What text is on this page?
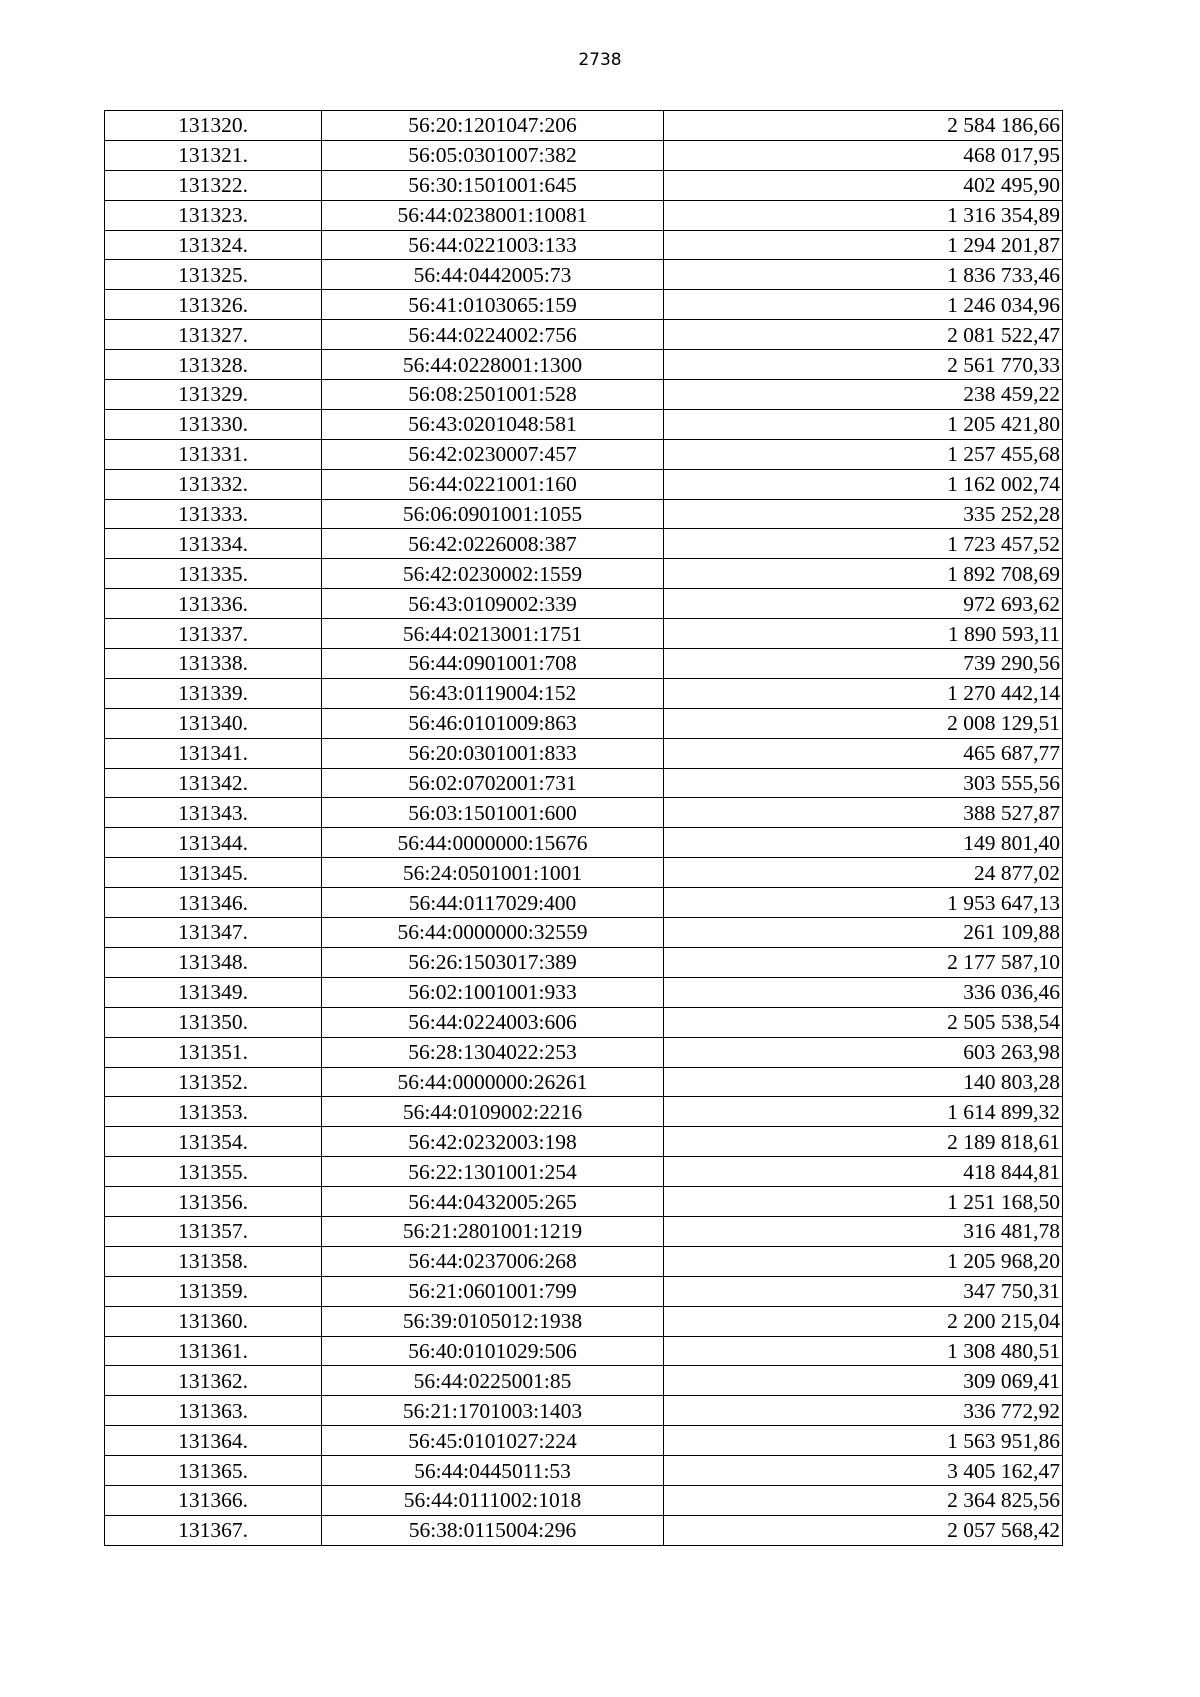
2738
131320.	56:20:1201047:206	2 584 186,66
131321.	56:05:0301007:382	468 017,95
131322.	56:30:1501001:645	402 495,90
131323.	56:44:0238001:10081	1 316 354,89
131324.	56:44:0221003:133	1 294 201,87
131325.	56:44:0442005:73	1 836 733,46
131326.	56:41:0103065:159	1 246 034,96
131327.	56:44:0224002:756	2 081 522,47
131328.	56:44:0228001:1300	2 561 770,33
131329.	56:08:2501001:528	238 459,22
131330.	56:43:0201048:581	1 205 421,80
131331.	56:42:0230007:457	1 257 455,68
131332.	56:44:0221001:160	1 162 002,74
131333.	56:06:0901001:1055	335 252,28
131334.	56:42:0226008:387	1 723 457,52
131335.	56:42:0230002:1559	1 892 708,69
131336.	56:43:0109002:339	972 693,62
131337.	56:44:0213001:1751	1 890 593,11
131338.	56:44:0901001:708	739 290,56
131339.	56:43:0119004:152	1 270 442,14
131340.	56:46:0101009:863	2 008 129,51
131341.	56:20:0301001:833	465 687,77
131342.	56:02:0702001:731	303 555,56
131343.	56:03:1501001:600	388 527,87
131344.	56:44:0000000:15676	149 801,40
131345.	56:24:0501001:1001	24 877,02
131346.	56:44:0117029:400	1 953 647,13
131347.	56:44:0000000:32559	261 109,88
131348.	56:26:1503017:389	2 177 587,10
131349.	56:02:1001001:933	336 036,46
131350.	56:44:0224003:606	2 505 538,54
131351.	56:28:1304022:253	603 263,98
131352.	56:44:0000000:26261	140 803,28
131353.	56:44:0109002:2216	1 614 899,32
131354.	56:42:0232003:198	2 189 818,61
131355.	56:22:1301001:254	418 844,81
131356.	56:44:0432005:265	1 251 168,50
131357.	56:21:2801001:1219	316 481,78
131358.	56:44:0237006:268	1 205 968,20
131359.	56:21:0601001:799	347 750,31
131360.	56:39:0105012:1938	2 200 215,04
131361.	56:40:0101029:506	1 308 480,51
131362.	56:44:0225001:85	309 069,41
131363.	56:21:1701003:1403	336 772,92
131364.	56:45:0101027:224	1 563 951,86
131365.	56:44:0445011:53	3 405 162,47
131366.	56:44:0111002:1018	2 364 825,56
131367.	56:38:0115004:296	2 057 568,42
